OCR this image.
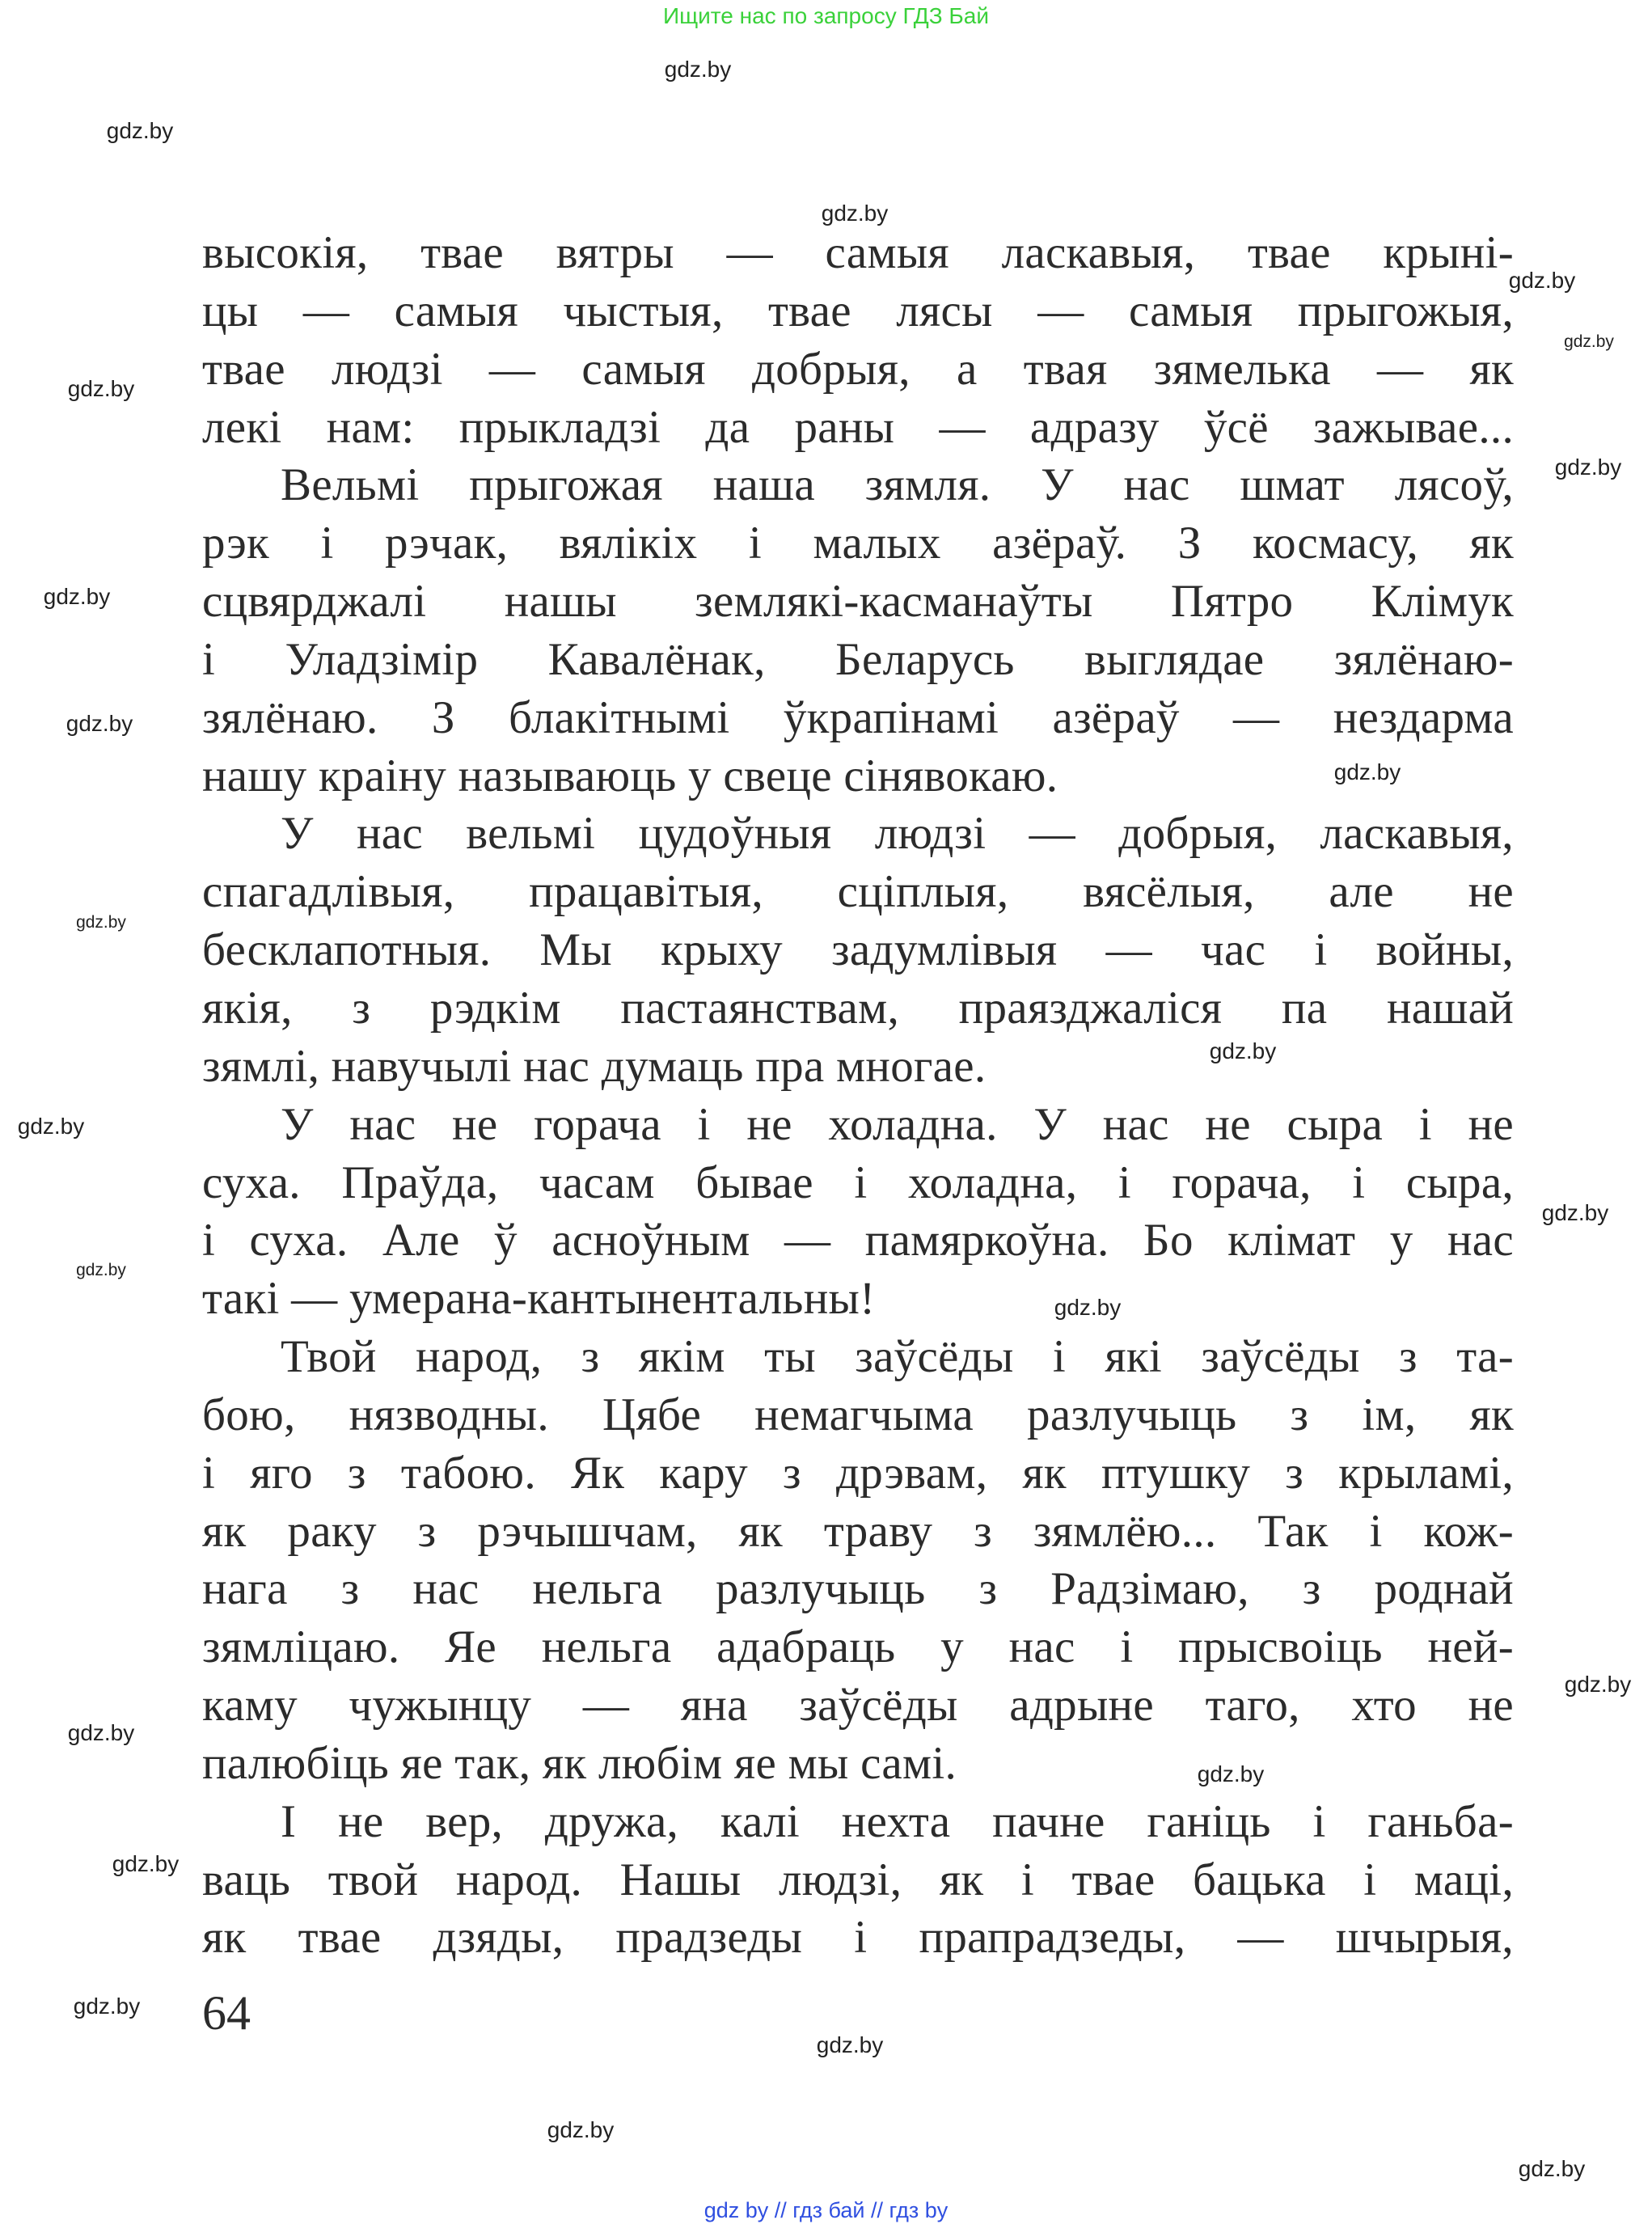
Ищите нас по запросу ГДЗ Бай
высокія, твае вятры — самыя ласкавыя, твае крыні-
цы — самыя чыстыя, твае лясы — самыя прыгожыя,
твае людзі — самыя добрыя, а твая зямелька — як
лекі нам: прыкладзі да раны — адразу ўсё зажывае...
Вельмі прыгожая наша зямля. У нас шмат лясоў,
рэк і рэчак, вялікіх і малых азёраў. З космасу, як
сцвярджалі нашы землякі-касманаўты Пятро Клімук
і Уладзімір Кавалёнак, Беларусь выглядае зялёнаю-
зялёнаю. З блакітнымі ўкрапінамі азёраў — нездарма
нашу краіну называюць у свеце сінявокаю.
У нас вельмі цудоўныя людзі — добрыя, ласкавыя,
спагадлівыя, працавітыя, сціплыя, вясёлыя, але не
бесклапотныя. Мы крыху задумлівыя — час і войны,
якія, з рэдкім пастаянствам, праязджаліся па нашай
зямлі, навучылі нас думаць пра многае.
У нас не горача і не холадна. У нас не сыра і не
суха. Праўда, часам бывае і холадна, і горача, і сыра,
і суха. Але ў асноўным — памяркоўна. Бо клімат у нас
такі — умерана-кантынентальны!
Твой народ, з якім ты заўсёды і які заўсёды з та-
бою, нязводны. Цябе немагчыма разлучыць з ім, як
і яго з табою. Як кару з дрэвам, як птушку з крыламі,
як раку з рэчышчам, як траву з зямлёю... Так і кож-
нага з нас нельга разлучыць з Радзімаю, з роднай
зямліцаю. Яе нельга адабраць у нас і прысвоіць ней-
каму чужынцу — яна заўсёды адрыне таго, хто не
палюбіць яе так, як любім яе мы самі.
І не вер, дружа, калі нехта пачне ганіць і ганьба-
ваць твой народ. Нашы людзі, як і твае бацька і маці,
як твае дзяды, прадзеды і прапрадзеды, — шчырыя,
64
gdz by // гдз бай // гдз by
gdz.by
gdz.by
gdz.by
gdz.by
gdz.by
gdz.by
gdz.by
gdz.by
gdz.by
gdz.by
gdz.by
gdz.by
gdz.by
gdz.by
gdz.by
gdz.by
gdz.by
gdz.by
gdz.by
gdz.by
gdz.by
gdz.by
gdz.by
gdz.by
